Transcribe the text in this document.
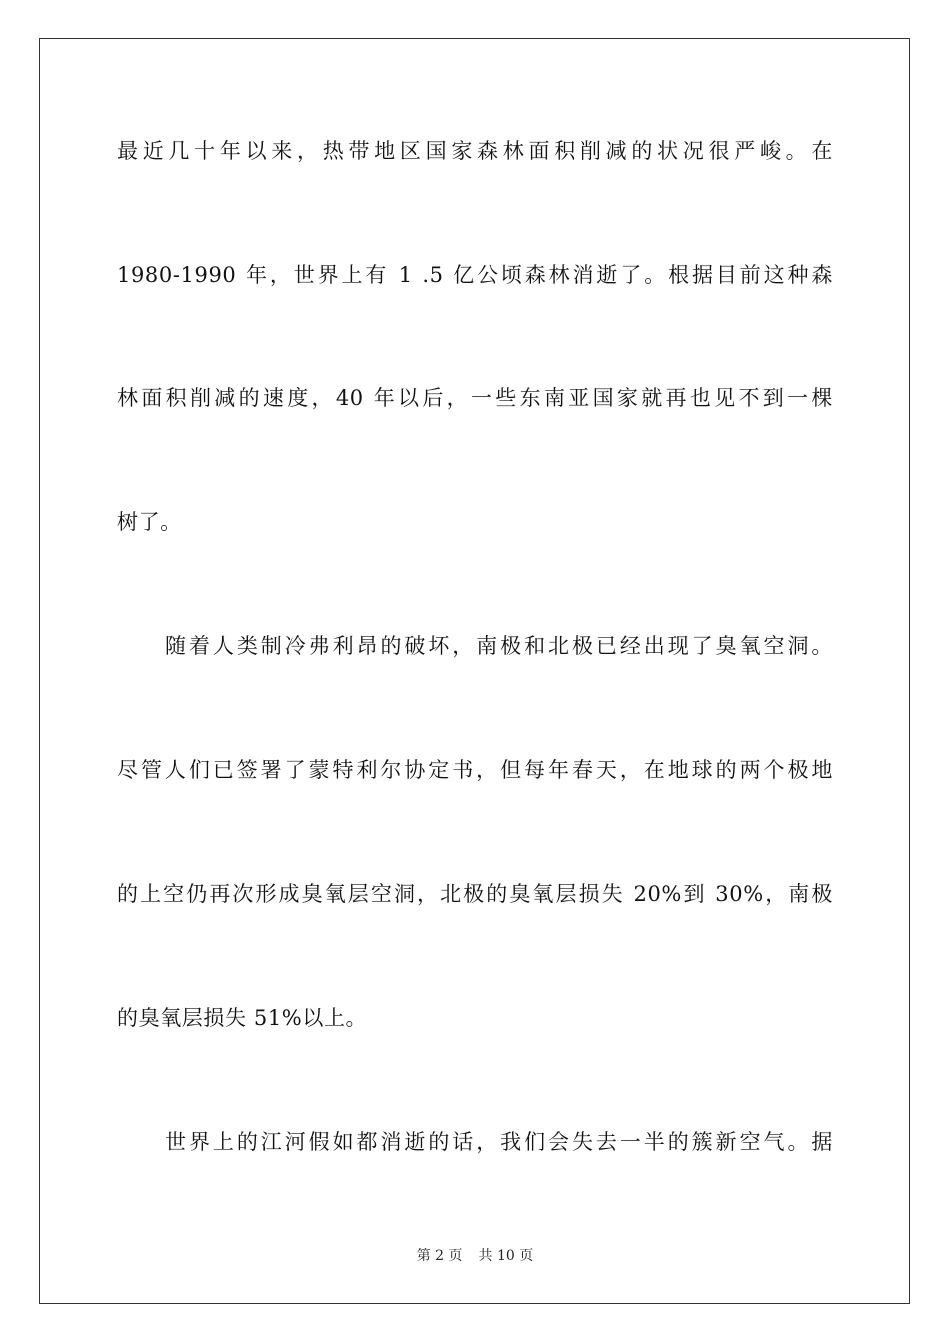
最近几十年以来，热带地区国家森林面积削减的状况很严峻。在
1980-1990 年，世界上有 1 .5 亿公顷森林消逝了。根据目前这种森
林面积削减的速度，40 年以后，一些东南亚国家就再也见不到一棵
树了。
随着人类制冷弗利昂的破坏，南极和北极已经出现了臭氧空洞。
尽管人们已签署了蒙特利尔协定书，但每年春天，在地球的两个极地
的上空仍再次形成臭氧层空洞，北极的臭氧层损失 20%到 30%，南极
的臭氧层损失 51%以上。
世界上的江河假如都消逝的话，我们会失去一半的簇新空气。据
第 2 页 共 10 页
